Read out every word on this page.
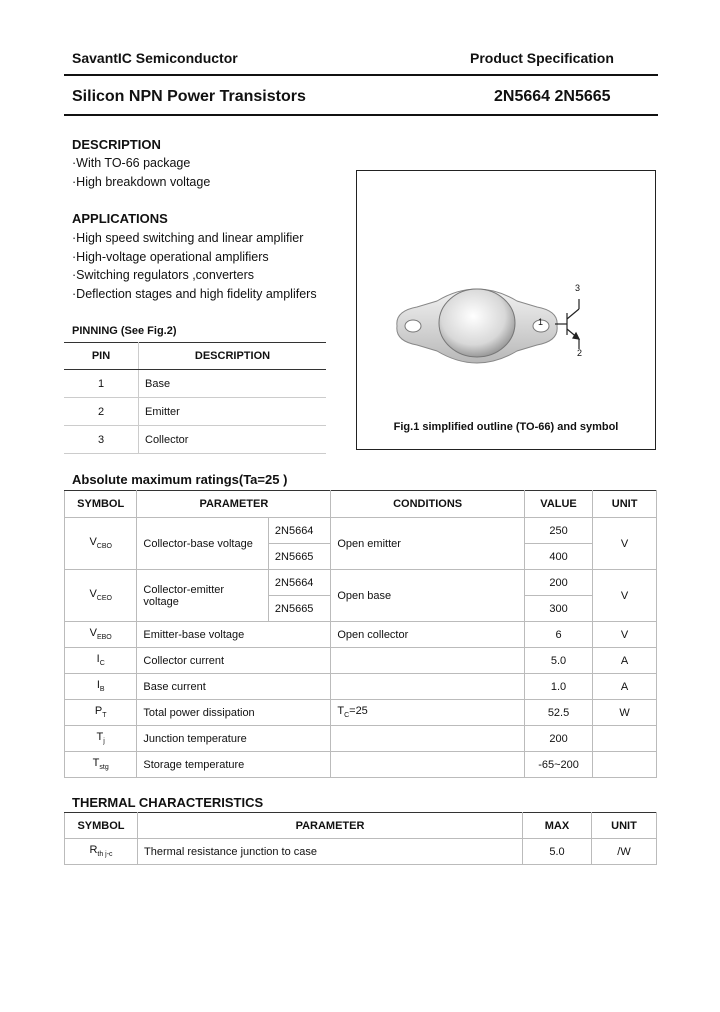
SavantIC Semiconductor	Product Specification
Silicon NPN Power Transistors	2N5664 2N5665
DESCRIPTION
·With TO-66 package
·High breakdown voltage
APPLICATIONS
·High speed switching and linear amplifier
·High-voltage operational amplifiers
·Switching regulators ,converters
·Deflection stages and high fidelity amplifers
PINNING (See Fig.2)
PIN	DESCRIPTION
1	Base
2	Emitter
3	Collector
1
3
2
Fig.1 simplified outline (TO-66) and symbol
Absolute maximum ratings(Ta=25 )
SYMBOL	PARAMETER		CONDITIONS	VALUE	UNIT
$V_{CBO}$	Collector-base voltage	2N5664	Open emitter	250	V
		2N5665		400	
$V_{CEO}$	Collector-emitter voltage	2N5664	Open base	200	V
		2N5665		300	
$V_{EBO}$	Emitter-base voltage		Open collector	6	V
$I_C$	Collector current			5.0	A
$I_B$	Base current			1.0	A
$P_T$	Total power dissipation		$T_C=25$	52.5	W
$T_j$	Junction temperature			200	
$T_{stg}$	Storage temperature			-65~200	
THERMAL CHARACTERISTICS
SYMBOL	PARAMETER	MAX	UNIT
$R_{th j-c}$	Thermal resistance junction to case	5.0	/W
